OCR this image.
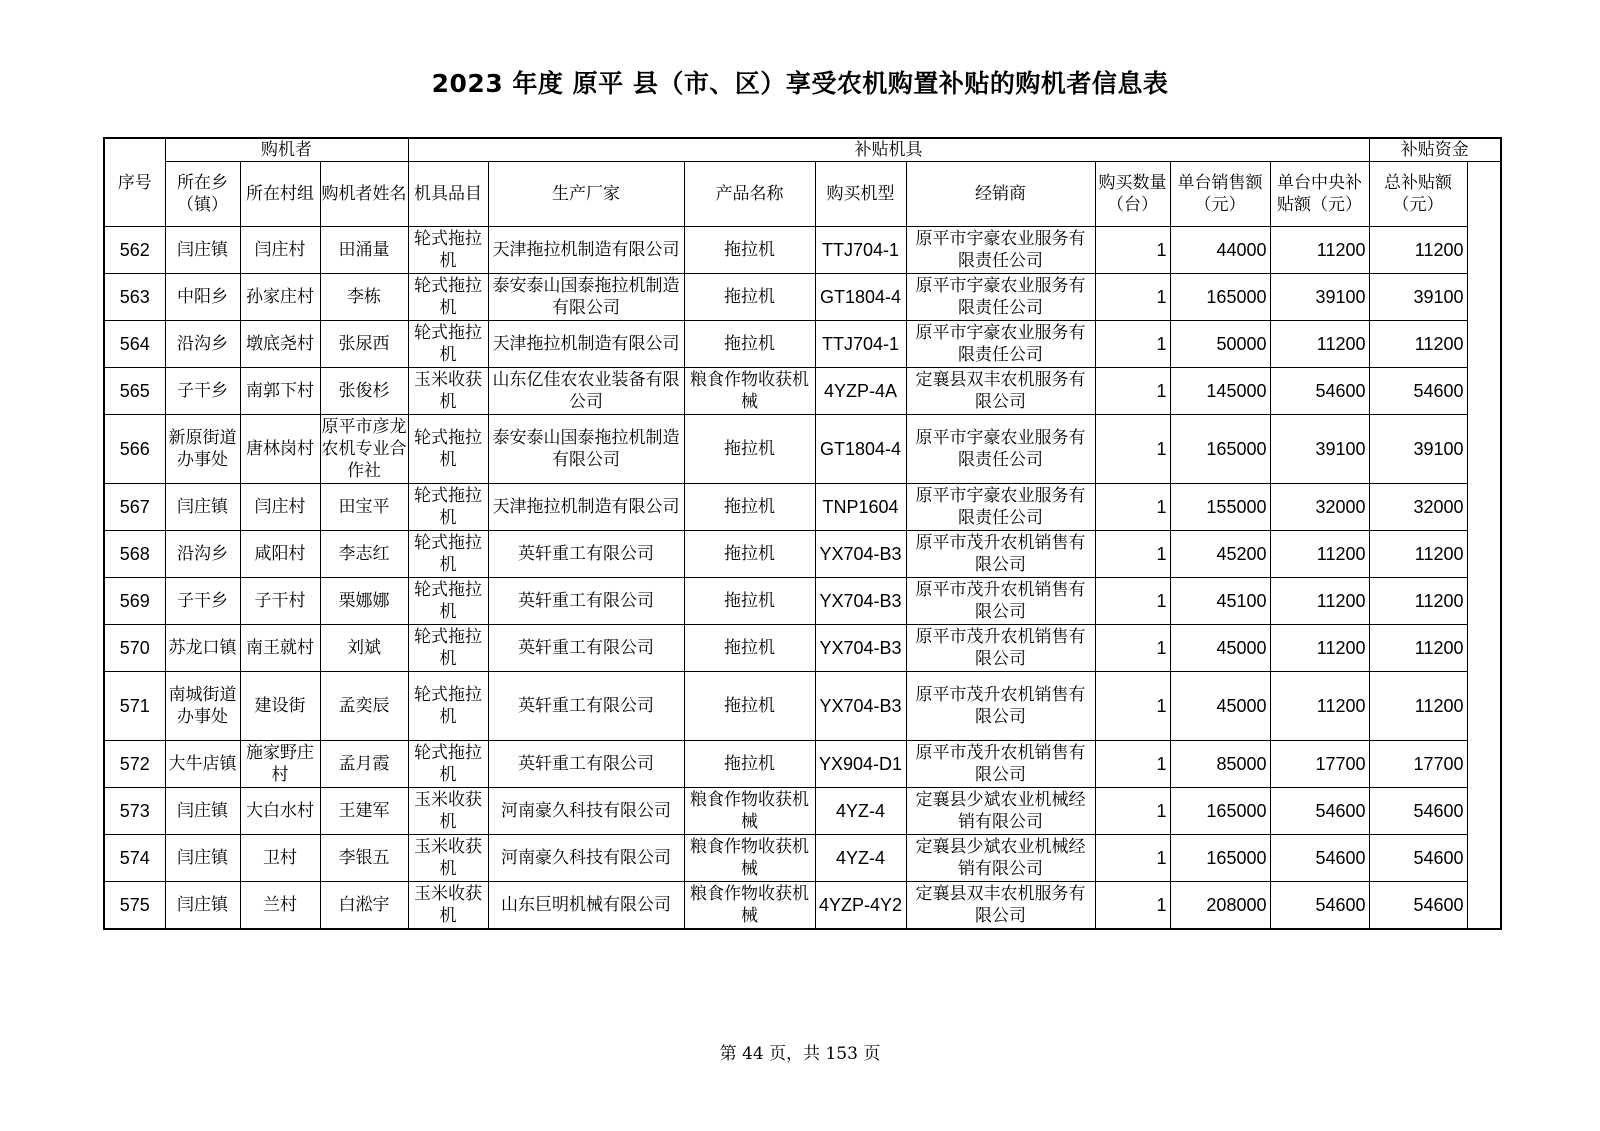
2023 年度 原平 县（市、区）享受农机购置补贴的购机者信息表
序号	购机者			补贴机具								补贴资金
	所在乡（镇）	所在村组	购机者姓名	机具品目	生产厂家	产品名称	购买机型	经销商	购买数量（台）	单台销售额（元）	单台中央补贴额（元）	总补贴额（元）
562	闫庄镇	闫庄村	田涌量	轮式拖拉机	天津拖拉机制造有限公司	拖拉机	TTJ704-1	原平市宇豪农业服务有限责任公司	1	44000	11200	11200
563	中阳乡	孙家庄村	李栋	轮式拖拉机	泰安泰山国泰拖拉机制造有限公司	拖拉机	GT1804-4	原平市宇豪农业服务有限责任公司	1	165000	39100	39100
564	沿沟乡	墩底尧村	张尿西	轮式拖拉机	天津拖拉机制造有限公司	拖拉机	TTJ704-1	原平市宇豪农业服务有限责任公司	1	50000	11200	11200
565	子干乡	南郭下村	张俊杉	玉米收获机	山东亿佳农农业装备有限公司	粮食作物收获机械	4YZP-4A	定襄县双丰农机服务有限公司	1	145000	54600	54600
566	新原街道办事处	唐林岗村	原平市彦龙农机专业合作社	轮式拖拉机	泰安泰山国泰拖拉机制造有限公司	拖拉机	GT1804-4	原平市宇豪农业服务有限责任公司	1	165000	39100	39100
567	闫庄镇	闫庄村	田宝平	轮式拖拉机	天津拖拉机制造有限公司	拖拉机	TNP1604	原平市宇豪农业服务有限责任公司	1	155000	32000	32000
568	沿沟乡	咸阳村	李志红	轮式拖拉机	英轩重工有限公司	拖拉机	YX704-B3	原平市茂升农机销售有限公司	1	45200	11200	11200
569	子干乡	子干村	栗娜娜	轮式拖拉机	英轩重工有限公司	拖拉机	YX704-B3	原平市茂升农机销售有限公司	1	45100	11200	11200
570	苏龙口镇	南王就村	刘斌	轮式拖拉机	英轩重工有限公司	拖拉机	YX704-B3	原平市茂升农机销售有限公司	1	45000	11200	11200
571	南城街道办事处	建设街	孟奕辰	轮式拖拉机	英轩重工有限公司	拖拉机	YX704-B3	原平市茂升农机销售有限公司	1	45000	11200	11200
572	大牛店镇	施家野庄村	孟月霞	轮式拖拉机	英轩重工有限公司	拖拉机	YX904-D1	原平市茂升农机销售有限公司	1	85000	17700	17700
573	闫庄镇	大白水村	王建军	玉米收获机	河南豪久科技有限公司	粮食作物收获机械	4YZ-4	定襄县少斌农业机械经销有限公司	1	165000	54600	54600
574	闫庄镇	卫村	李银五	玉米收获机	河南豪久科技有限公司	粮食作物收获机械	4YZ-4	定襄县少斌农业机械经销有限公司	1	165000	54600	54600
575	闫庄镇	兰村	白淞宇	玉米收获机	山东巨明机械有限公司	粮食作物收获机械	4YZP-4Y2	定襄县双丰农机服务有限公司	1	208000	54600	54600
第 44 页，共 153 页
